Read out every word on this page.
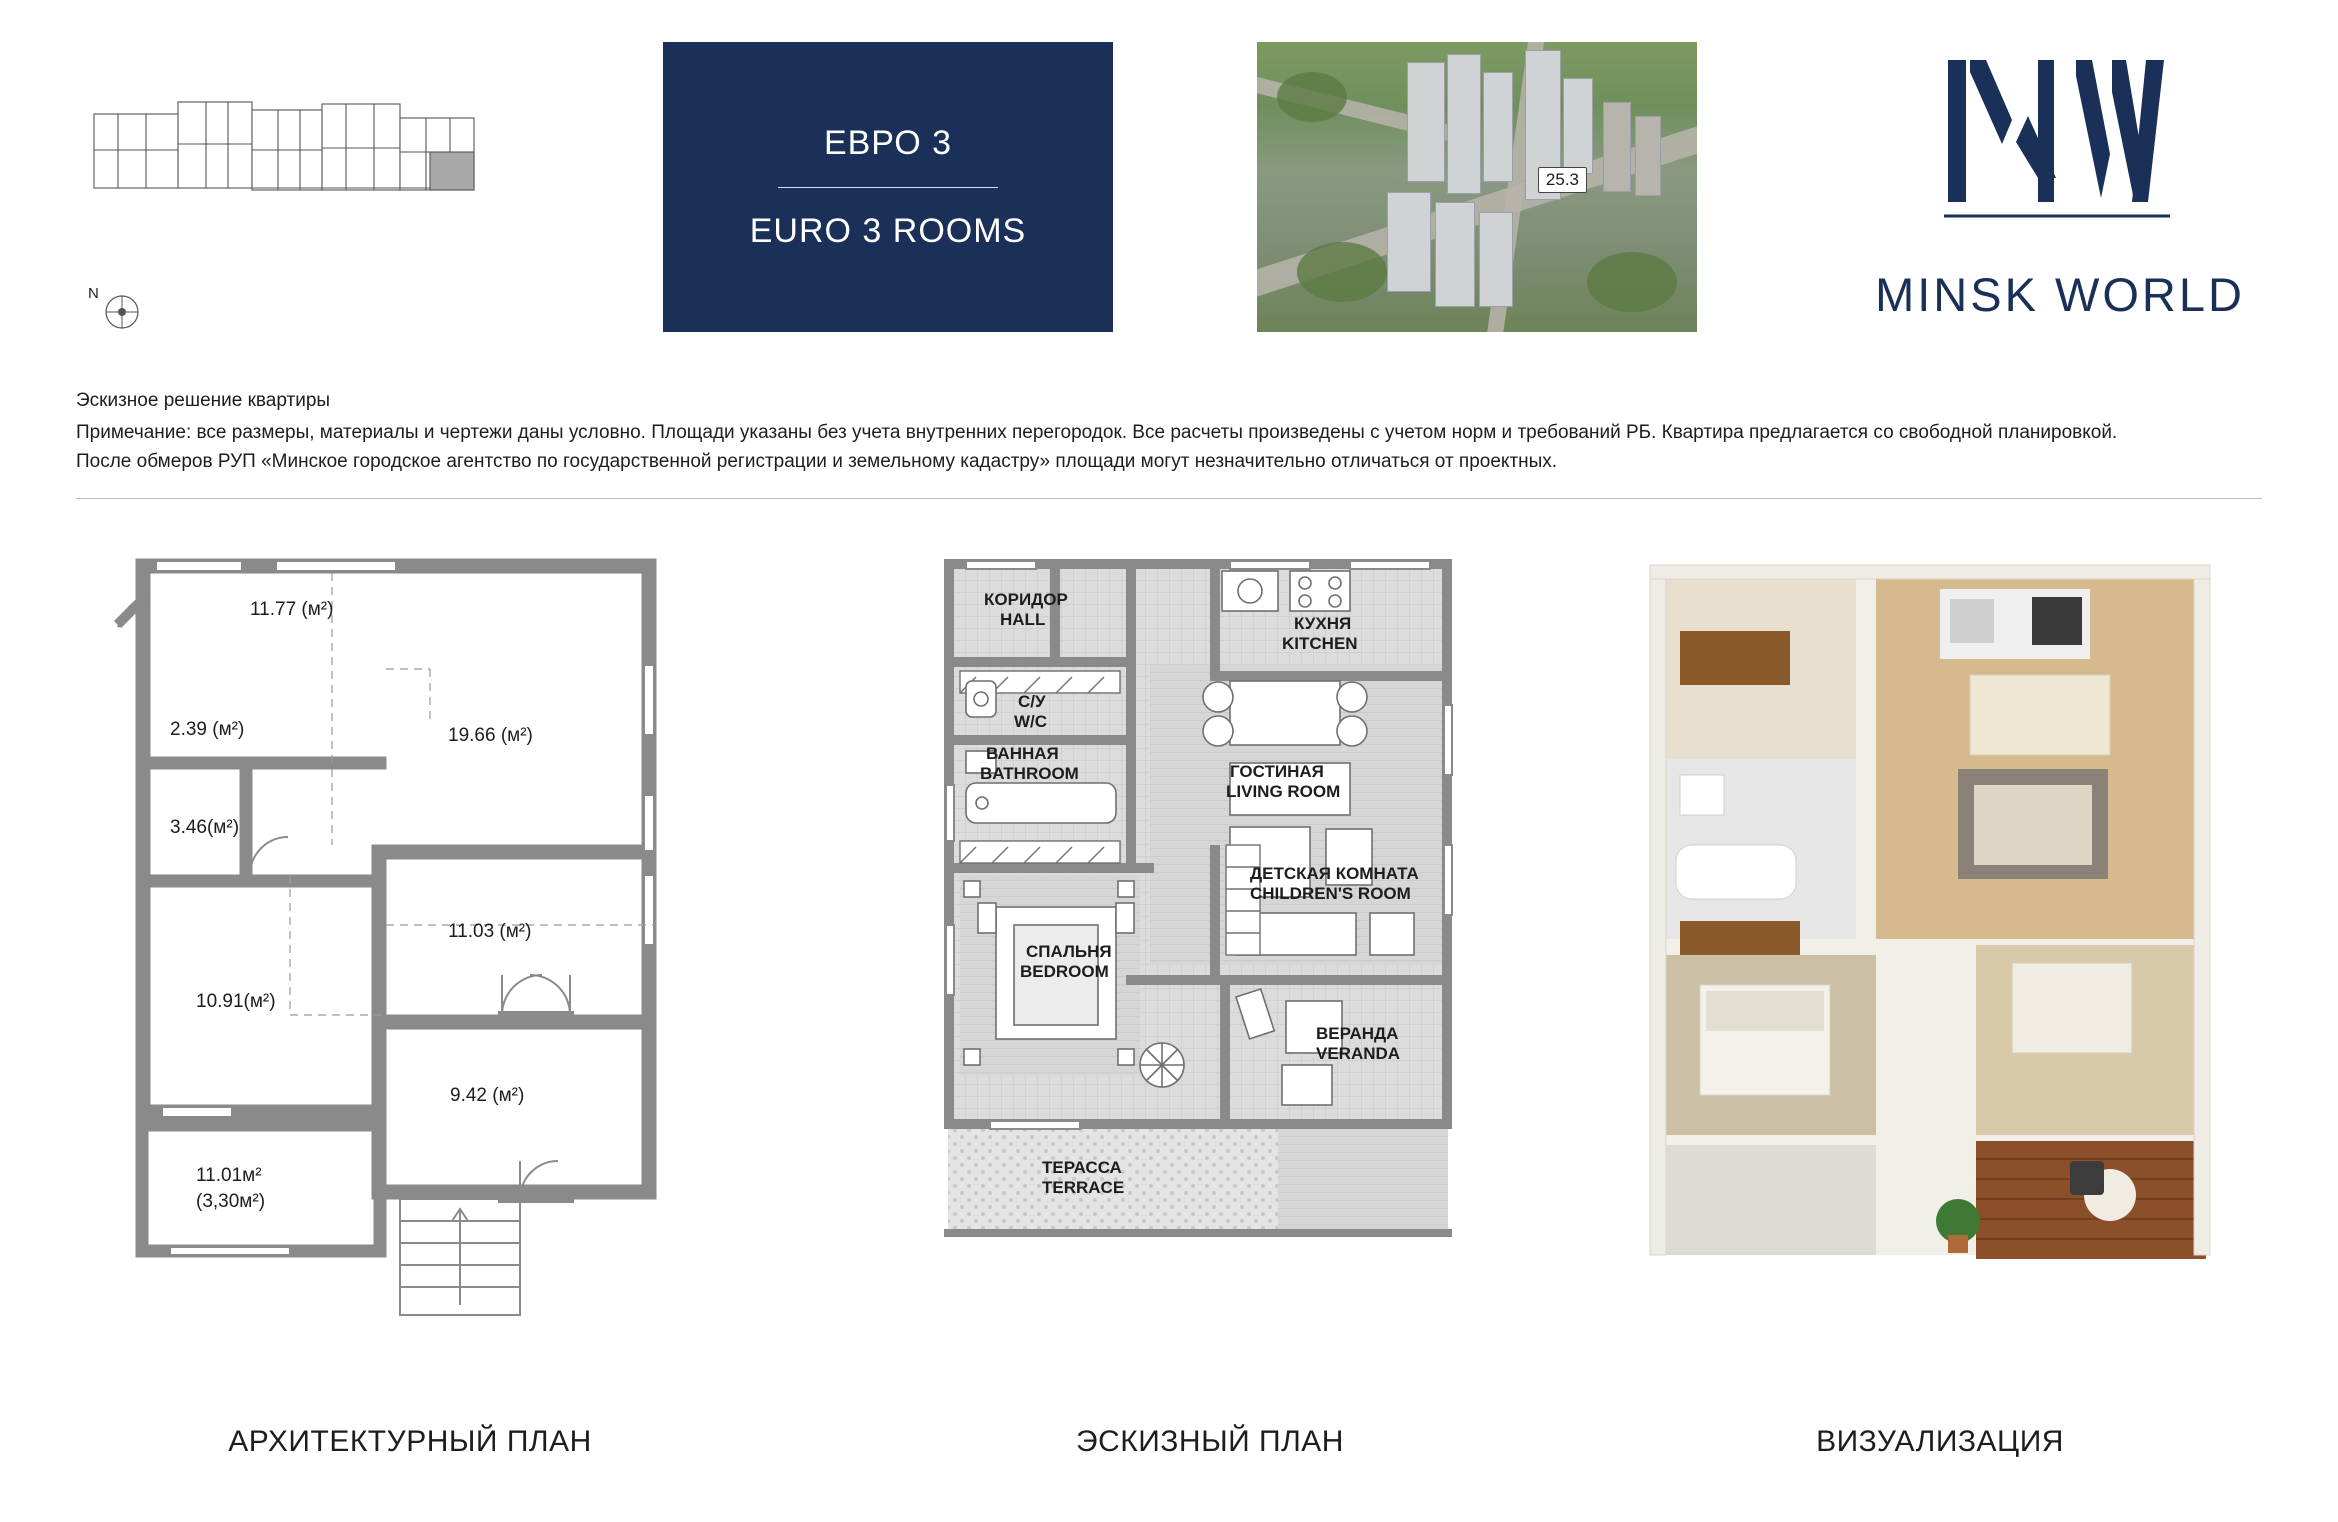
N
ЕВРО 3
EURO 3 ROOMS
25.3
MINSK WORLD
Эскизное решение квартиры
Примечание: все размеры, материалы и чертежи даны условно. Площади указаны без учета внутренних перегородок. Все расчеты произведены с учетом норм и требований РБ. Квартира предлагается со свободной планировкой.
После обмеров РУП «Минское городское агентство по государственной регистрации и земельному кадастру» площади могут незначительно отличаться от проектных.
11.77 (м²)
2.39 (м²)	19.66 (м²)
3.46(м²)
11.03 (м²)
10.91(м²)
9.42 (м²)
11.01м²
(3,30м²)
КОРИДОР
HALL	КУХНЯ
KITCHEN
С/У
W/C
ВАННАЯ
BATHROOM	ГОСТИНАЯ
LIVING ROOM
ДЕТСКАЯ КОМНАТА
CHILDREN'S ROOM
СПАЛЬНЯ
BEDROOM
ВЕРАНДА
VERANDA
ТЕРАССА
TERRACE
АРХИТЕКТУРНЫЙ ПЛАН	ЭСКИЗНЫЙ ПЛАН	ВИЗУАЛИЗАЦИЯ
